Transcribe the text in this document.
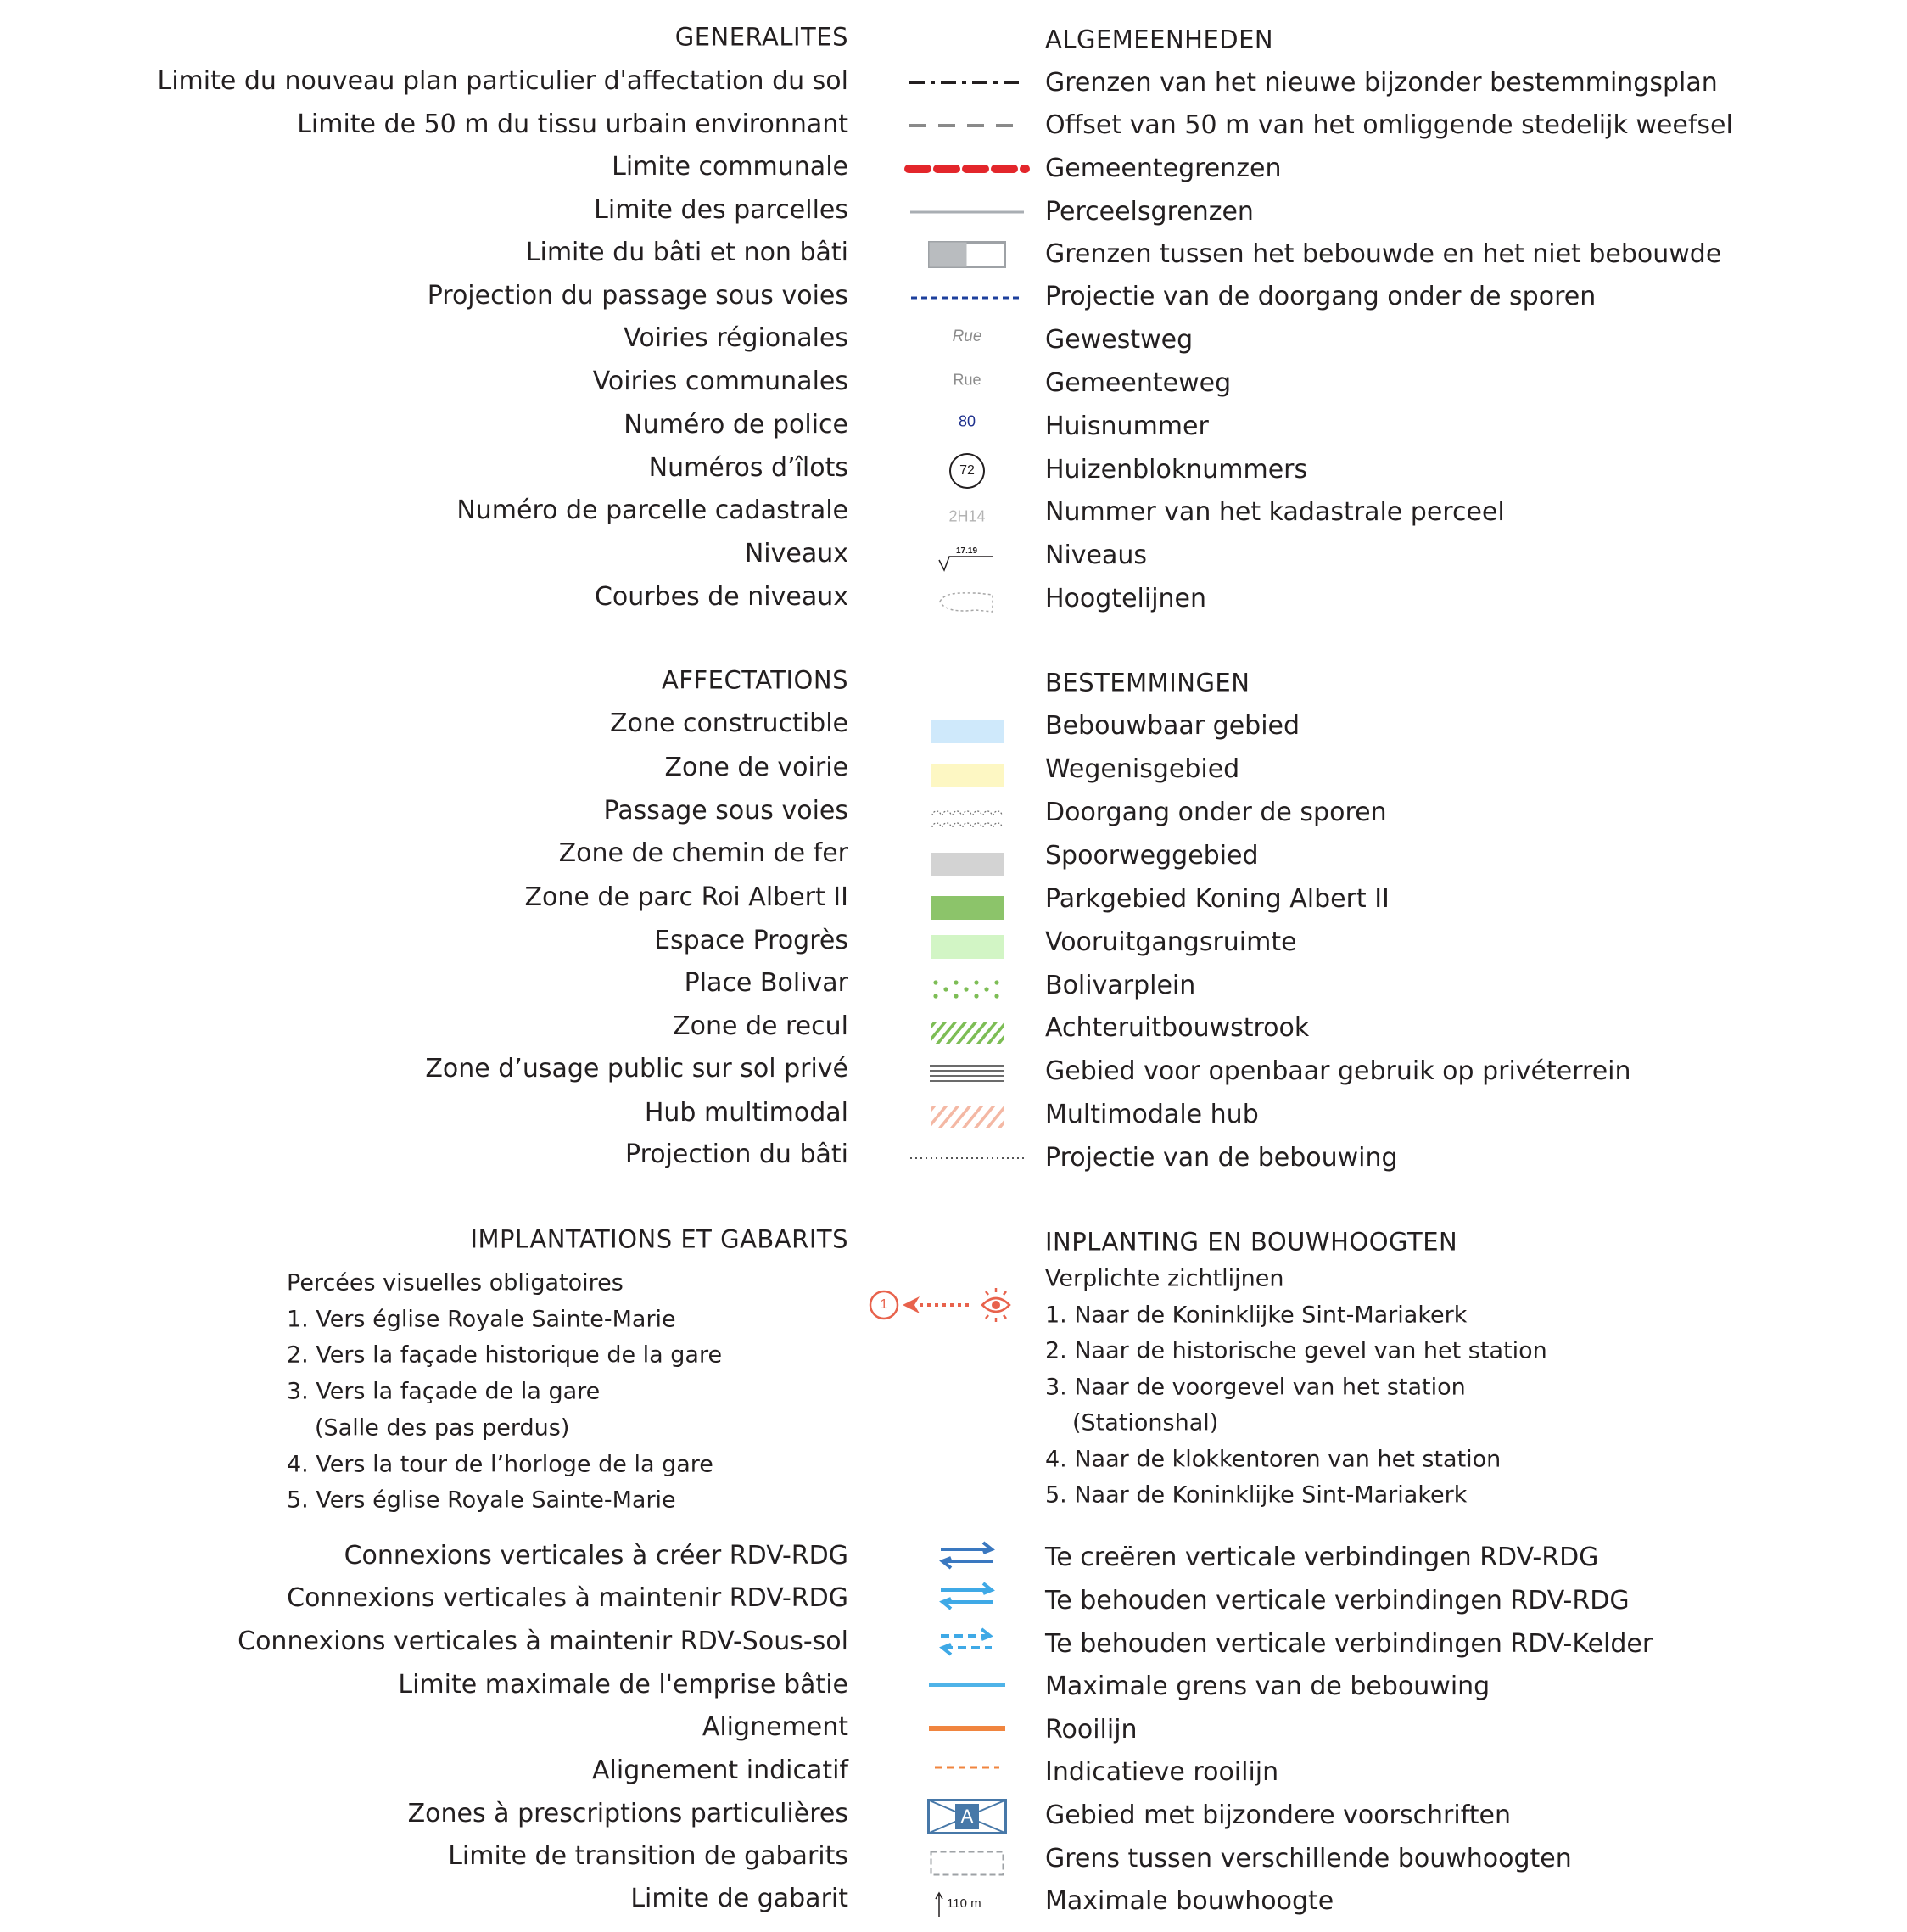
GENERALITES	ALGEMEENHEDEN
Limite du nouveau plan particulier d'affectation du sol	Grenzen van het nieuwe bijzonder bestemmingsplan
Limite de 50 m du tissu urbain environnant	Offset van 50 m van het omliggende stedelijk weefsel
Limite communale	Gemeentegrenzen
Limite des parcelles	Perceelsgrenzen
Limite du bâti et non bâti	Grenzen tussen het bebouwde en het niet bebouwde
Projection du passage sous voies	Projectie van de doorgang onder de sporen
Voiries régionales	Gewestweg
Rue
Voiries communales	Gemeenteweg
Rue
Numéro de police	Huisnummer
80
Numéros d’îlots	Huizenbloknummers
72
Numéro de parcelle cadastrale	Nummer van het kadastrale perceel
2H14
Niveaux	Niveaus
17.19
Courbes de niveaux	Hoogtelijnen
AFFECTATIONS	BESTEMMINGEN
Zone constructible	Bebouwbaar gebied
Zone de voirie	Wegenisgebied
Passage sous voies	Doorgang onder de sporen
Zone de chemin de fer	Spoorweggebied
Zone de parc Roi Albert II	Parkgebied Koning Albert II
Espace Progrès	Vooruitgangsruimte
Place Bolivar	Bolivarplein
Zone de recul	Achteruitbouwstrook
Zone d’usage public sur sol privé	Gebied voor openbaar gebruik op privéterrein
Hub multimodal	Multimodale hub
Projection du bâti	Projectie van de bebouwing
IMPLANTATIONS ET GABARITS	INPLANTING EN BOUWHOOGTEN
Percées visuelles obligatoires
1. Vers église Royale Sainte-Marie
2. Vers la façade historique de la gare
3. Vers la façade de la gare
(Salle des pas perdus)
4. Vers la tour de l’horloge de la gare
5. Vers église Royale Sainte-Marie
Verplichte zichtlijnen
1. Naar de Koninklijke Sint-Mariakerk
2. Naar de historische gevel van het station
3. Naar de voorgevel van het station
(Stationshal)
4. Naar de klokkentoren van het station
5. Naar de Koninklijke Sint-Mariakerk
1
Connexions verticales à créer RDV-RDG	Te creëren verticale verbindingen RDV-RDG
Connexions verticales à maintenir RDV-RDG	Te behouden verticale verbindingen RDV-RDG
Connexions verticales à maintenir RDV-Sous-sol	Te behouden verticale verbindingen RDV-Kelder
Limite maximale de l'emprise bâtie	Maximale grens van de bebouwing
Alignement	Rooilijn
Alignement indicatif	Indicatieve rooilijn
Zones à prescriptions particulières	Gebied met bijzondere voorschriften
A
Limite de transition de gabarits	Grens tussen verschillende bouwhoogten
Limite de gabarit	Maximale bouwhoogte
110 m
